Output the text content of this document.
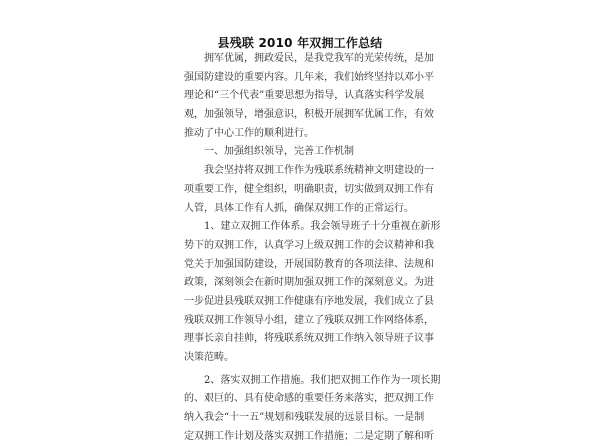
县残联 2010 年双拥工作总结
拥军优属，拥政爱民，是我党我军的光荣传统，是加
强国防建设的重要内容。几年来，我们始终坚持以邓小平
理论和“三个代表”重要思想为指导，认真落实科学发展
观，加强领导，增强意识，积极开展拥军优属工作，有效
推动了中心工作的顺利进行。
一、加强组织领导，完善工作机制
我会坚持将双拥工作作为残联系统精神文明建设的一
项重要工作，健全组织，明确职责，切实做到双拥工作有
人管，具体工作有人抓，确保双拥工作的正常运行。
1、建立双拥工作体系。我会领导班子十分重视在新形
势下的双拥工作，认真学习上级双拥工作的会议精神和我
党关于加强国防建设，开展国防教育的各项法律、法规和
政策，深刻领会在新时期加强双拥工作的深刻意义。为进
一步促进县残联双拥工作健康有序地发展，我们成立了县
残联双拥工作领导小组，建立了残联双拥工作网络体系，
理事长亲自挂帅，将残联系统双拥工作纳入领导班子议事
决策范畴。
2、落实双拥工作措施。我们把双拥工作作为一项长期
的、艰巨的、具有使命感的重要任务来落实，把双拥工作
纳入我会“十一五”规划和残联发展的远景目标。一是制
定双拥工作计划及落实双拥工作措施；二是定期了解和听
